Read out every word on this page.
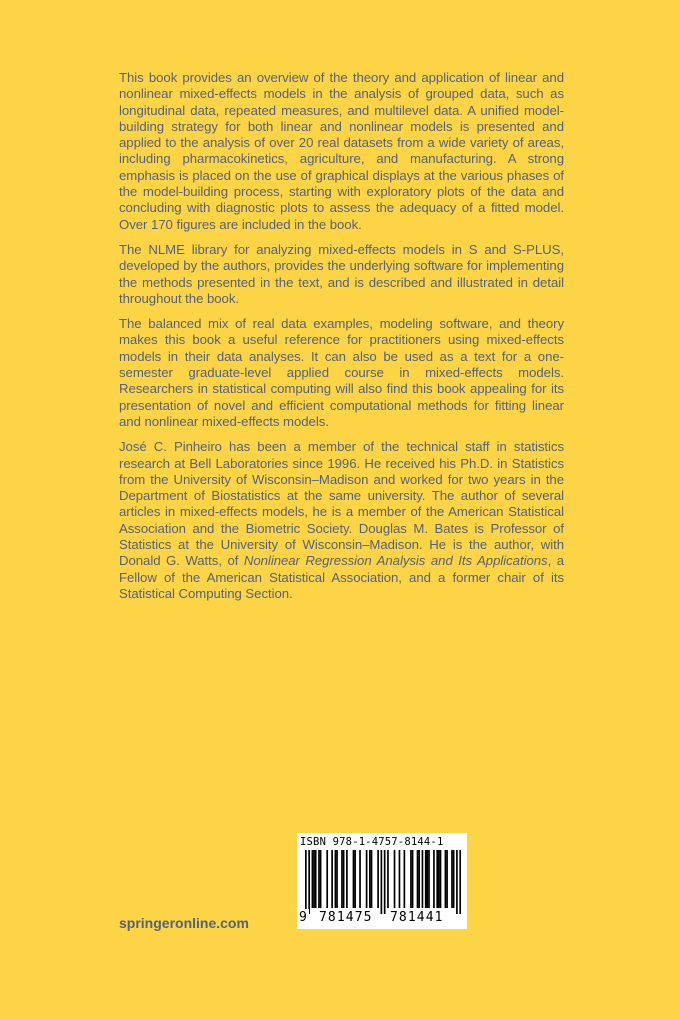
This book provides an overview of the theory and application of linear and nonlinear mixed-effects models in the analysis of grouped data, such as longitudinal data, repeated measures, and multilevel data. A unified model-building strategy for both linear and nonlinear models is presented and applied to the analysis of over 20 real datasets from a wide variety of areas, including pharmacokinetics, agriculture, and manufacturing. A strong emphasis is placed on the use of graphical displays at the various phases of the model-building process, starting with exploratory plots of the data and concluding with diagnostic plots to assess the adequacy of a fitted model. Over 170 figures are included in the book.

The NLME library for analyzing mixed-effects models in S and S-PLUS, developed by the authors, provides the underlying software for implementing the methods presented in the text, and is described and illustrated in detail throughout the book.

The balanced mix of real data examples, modeling software, and theory makes this book a useful reference for practitioners using mixed-effects models in their data analyses. It can also be used as a text for a one-semester graduate-level applied course in mixed-effects models. Researchers in statistical computing will also find this book appealing for its presentation of novel and efficient computational methods for fitting linear and nonlinear mixed-effects models.

José C. Pinheiro has been a member of the technical staff in statistics research at Bell Laboratories since 1996. He received his Ph.D. in Statistics from the University of Wisconsin–Madison and worked for two years in the Department of Biostatistics at the same university. The author of several articles in mixed-effects models, he is a member of the American Statistical Association and the Biometric Society. Douglas M. Bates is Professor of Statistics at the University of Wisconsin–Madison. He is the author, with Donald G. Watts, of Nonlinear Regression Analysis and Its Applications, a Fellow of the American Statistical Association, and a former chair of its Statistical Computing Section.

springeronline.com
ISBN 978-1-4757-8144-1
9 781475 781441
